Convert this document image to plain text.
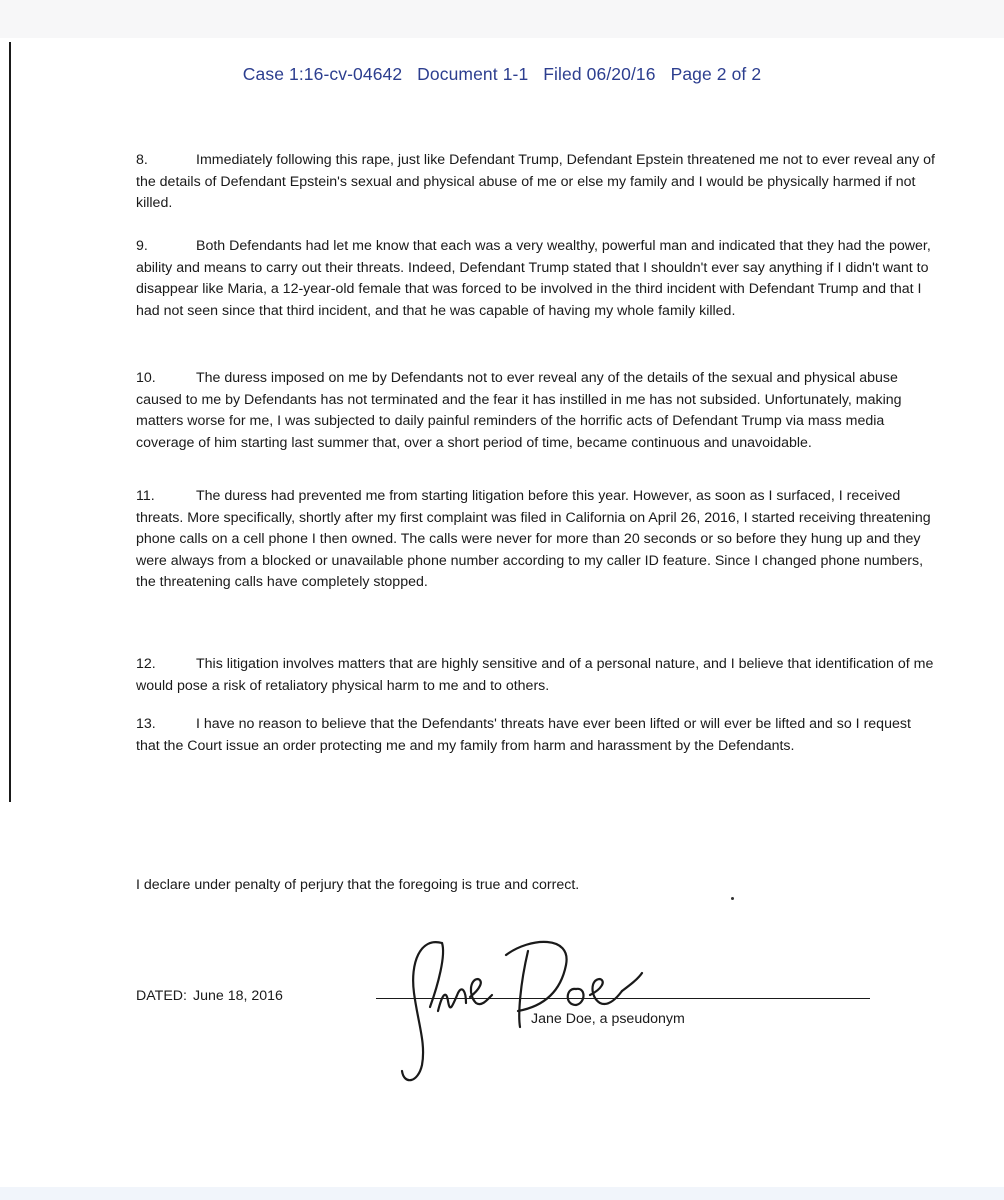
Case 1:16-cv-04642 Document 1-1 Filed 06/20/16 Page 2 of 2

8.	Immediately following this rape, just like Defendant Trump, Defendant Epstein threatened me not to ever reveal any of the details of Defendant Epstein's sexual and physical abuse of me or else my family and I would be physically harmed if not killed.

9.	Both Defendants had let me know that each was a very wealthy, powerful man and indicated that they had the power, ability and means to carry out their threats. Indeed, Defendant Trump stated that I shouldn't ever say anything if I didn't want to disappear like Maria, a 12-year-old female that was forced to be involved in the third incident with Defendant Trump and that I had not seen since that third incident, and that he was capable of having my whole family killed.

10.	The duress imposed on me by Defendants not to ever reveal any of the details of the sexual and physical abuse caused to me by Defendants has not terminated and the fear it has instilled in me has not subsided. Unfortunately, making matters worse for me, I was subjected to daily painful reminders of the horrific acts of Defendant Trump via mass media coverage of him starting last summer that, over a short period of time, became continuous and unavoidable.

11.	The duress had prevented me from starting litigation before this year. However, as soon as I surfaced, I received threats. More specifically, shortly after my first complaint was filed in California on April 26, 2016, I started receiving threatening phone calls on a cell phone I then owned. The calls were never for more than 20 seconds or so before they hung up and they were always from a blocked or unavailable phone number according to my caller ID feature. Since I changed phone numbers, the threatening calls have completely stopped.

12.	This litigation involves matters that are highly sensitive and of a personal nature, and I believe that identification of me would pose a risk of retaliatory physical harm to me and to others.

13.	I have no reason to believe that the Defendants' threats have ever been lifted or will ever be lifted and so I request that the Court issue an order protecting me and my family from harm and harassment by the Defendants.

I declare under penalty of perjury that the foregoing is true and correct.

DATED: June 18, 2016
Jane Doe, a pseudonym
